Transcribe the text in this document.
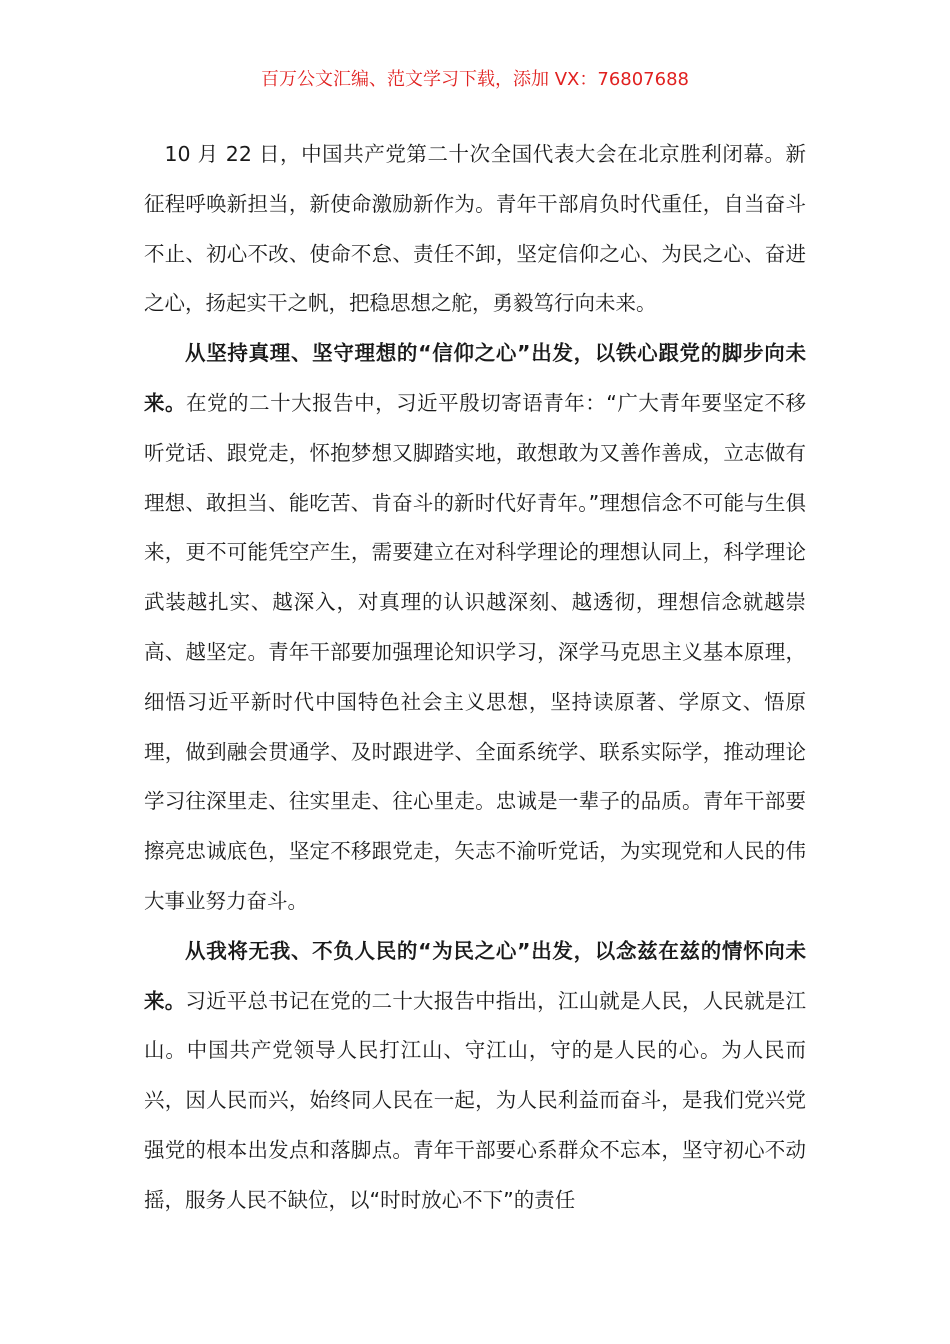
百万公文汇编、范文学习下载，添加 VX：76807688

10 月 22 日，中国共产党第二十次全国代表大会在北京胜利闭幕。新征程呼唤新担当，新使命激励新作为。青年干部肩负时代重任，自当奋斗不止、初心不改、使命不怠、责任不卸，坚定信仰之心、为民之心、奋进之心，扬起实干之帆，把稳思想之舵，勇毅笃行向未来。

从坚持真理、坚守理想的“信仰之心”出发，以铁心跟党的脚步向未来。在党的二十大报告中，习近平殷切寄语青年：“广大青年要坚定不移听党话、跟党走，怀抱梦想又脚踏实地，敢想敢为又善作善成，立志做有理想、敢担当、能吃苦、肯奋斗的新时代好青年。”理想信念不可能与生俱来，更不可能凭空产生，需要建立在对科学理论的理想认同上，科学理论武装越扎实、越深入，对真理的认识越深刻、越透彻，理想信念就越崇高、越坚定。青年干部要加强理论知识学习，深学马克思主义基本原理，细悟习近平新时代中国特色社会主义思想，坚持读原著、学原文、悟原理，做到融会贯通学、及时跟进学、全面系统学、联系实际学，推动理论学习往深里走、往实里走、往心里走。忠诚是一辈子的品质。青年干部要擦亮忠诚底色，坚定不移跟党走，矢志不渝听党话，为实现党和人民的伟大事业努力奋斗。

从我将无我、不负人民的“为民之心”出发，以念兹在兹的情怀向未来。习近平总书记在党的二十大报告中指出，江山就是人民，人民就是江山。中国共产党领导人民打江山、守江山，守的是人民的心。为人民而兴，因人民而兴，始终同人民在一起，为人民利益而奋斗，是我们党兴党强党的根本出发点和落脚点。青年干部要心系群众不忘本，坚守初心不动摇，服务人民不缺位，以“时时放心不下”的责任
